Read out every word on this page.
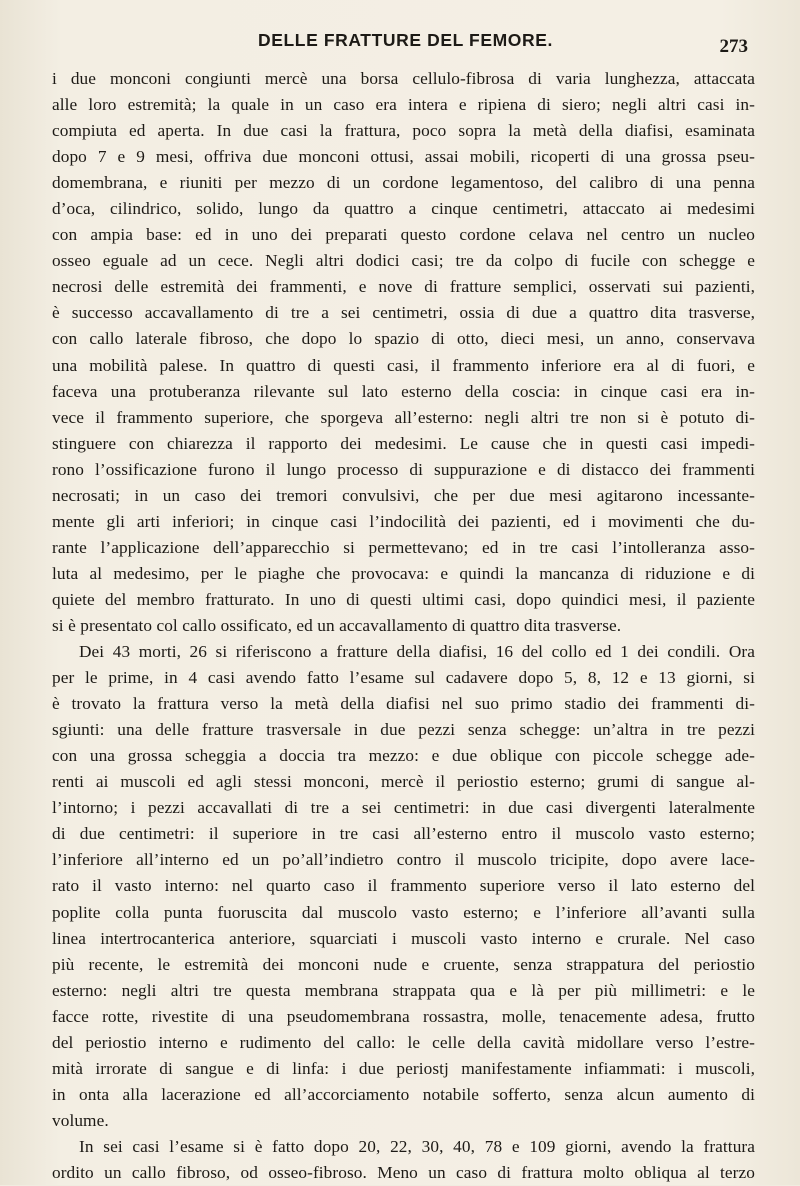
DELLE FRATTURE DEL FEMORE.	273
i due monconi congiunti mercè una borsa cellulo-fibrosa di varia lunghezza, attaccata
alle loro estremità; la quale in un caso era intera e ripiena di siero; negli altri casi in-
compiuta ed aperta. In due casi la frattura, poco sopra la metà della diafisi, esaminata
dopo 7 e 9 mesi, offriva due monconi ottusi, assai mobili, ricoperti di una grossa pseu-
domembrana, e riuniti per mezzo di un cordone legamentoso, del calibro di una penna
d’oca, cilindrico, solido, lungo da quattro a cinque centimetri, attaccato ai medesimi
con ampia base: ed in uno dei preparati questo cordone celava nel centro un nucleo
osseo eguale ad un cece. Negli altri dodici casi; tre da colpo di fucile con schegge e
necrosi delle estremità dei frammenti, e nove di fratture semplici, osservati sui pazienti,
è successo accavallamento di tre a sei centimetri, ossia di due a quattro dita trasverse,
con callo laterale fibroso, che dopo lo spazio di otto, dieci mesi, un anno, conservava
una mobilità palese. In quattro di questi casi, il frammento inferiore era al di fuori, e
faceva una protuberanza rilevante sul lato esterno della coscia: in cinque casi era in-
vece il frammento superiore, che sporgeva all’esterno: negli altri tre non si è potuto di-
stinguere con chiarezza il rapporto dei medesimi. Le cause che in questi casi impedi-
rono l’ossificazione furono il lungo processo di suppurazione e di distacco dei frammenti
necrosati; in un caso dei tremori convulsivi, che per due mesi agitarono incessante-
mente gli arti inferiori; in cinque casi l’indocilità dei pazienti, ed i movimenti che du-
rante l’applicazione dell’apparecchio si permettevano; ed in tre casi l’intolleranza asso-
luta al medesimo, per le piaghe che provocava: e quindi la mancanza di riduzione e di
quiete del membro fratturato. In uno di questi ultimi casi, dopo quindici mesi, il paziente
si è presentato col callo ossificato, ed un accavallamento di quattro dita trasverse.
Dei 43 morti, 26 si riferiscono a fratture della diafisi, 16 del collo ed 1 dei condili. Ora
per le prime, in 4 casi avendo fatto l’esame sul cadavere dopo 5, 8, 12 e 13 giorni, si
è trovato la frattura verso la metà della diafisi nel suo primo stadio dei frammenti di-
sgiunti: una delle fratture trasversale in due pezzi senza schegge: un’altra in tre pezzi
con una grossa scheggia a doccia tra mezzo: e due oblique con piccole schegge ade-
renti ai muscoli ed agli stessi monconi, mercè il periostio esterno; grumi di sangue al-
l’intorno; i pezzi accavallati di tre a sei centimetri: in due casi divergenti lateralmente
di due centimetri: il superiore in tre casi all’esterno entro il muscolo vasto esterno;
l’inferiore all’interno ed un po’all’indietro contro il muscolo tricipite, dopo avere lace-
rato il vasto interno: nel quarto caso il frammento superiore verso il lato esterno del
poplite colla punta fuoruscita dal muscolo vasto esterno; e l’inferiore all’avanti sulla
linea intertrocanterica anteriore, squarciati i muscoli vasto interno e crurale. Nel caso
più recente, le estremità dei monconi nude e cruente, senza strappatura del periostio
esterno: negli altri tre questa membrana strappata qua e là per più millimetri: e le
facce rotte, rivestite di una pseudomembrana rossastra, molle, tenacemente adesa, frutto
del periostio interno e rudimento del callo: le celle della cavità midollare verso l’estre-
mità irrorate di sangue e di linfa: i due periostj manifestamente infiammati: i muscoli,
in onta alla lacerazione ed all’accorciamento notabile sofferto, senza alcun aumento di
volume.
In sei casi l’esame si è fatto dopo 20, 22, 30, 40, 78 e 109 giorni, avendo la frattura
ordito un callo fibroso, od osseo-fibroso. Meno un caso di frattura molto obliqua al terzo
